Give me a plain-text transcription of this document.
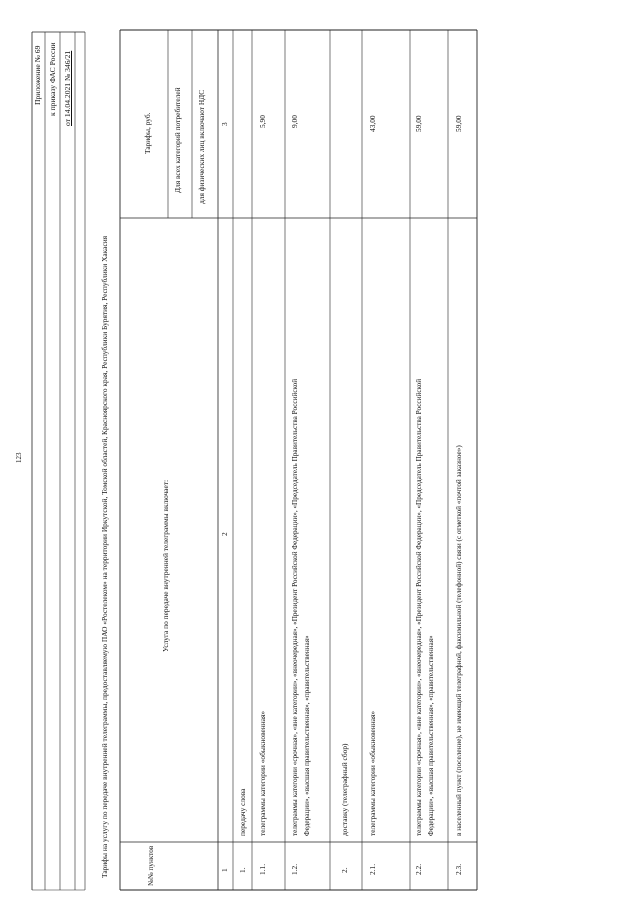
123
Приложение № 69 к приказу ФАС России от 14.04.2021 № 346/21
Тарифы на услугу по передаче внутренней телеграммы, предоставляемую ПАО «Ростелеком» на территории Иркутской, Томской областей, Красноярского края, Республики Бурятия, Республики Хакасия	№№ пунктов
Услуга по передаче внутренней телеграммы включает:
Тарифы, руб.	Для всех категорий потребителей для физических лиц включают НДС
1
2
3
1.
передачу слова
1.1.
телеграммы категории «обыкновенная»
5,90
1.2.
телеграммы категории «срочная», «вне категории», «внеочередная», «Президент Российской Федерации», «Председатель Правительства Российской Федерации», «высшая правительственная», «правительственная»
9,00
2.
доставку (телеграфный сбор)
2.1.
телеграммы категории «обыкновенная»
43,00
2.2.
телеграммы категории «срочная», «вне категории», «внеочередная», «Президент Российской Федерации», «Председатель Правительства Российской Федерации», «высшая правительственная», «правительственная»
59,00
2.3.
в населенный пункт (поселение), не имеющий телеграфной, факсимильной (телефонной) связи (с отметкой «почтой заказное»)
59,00
